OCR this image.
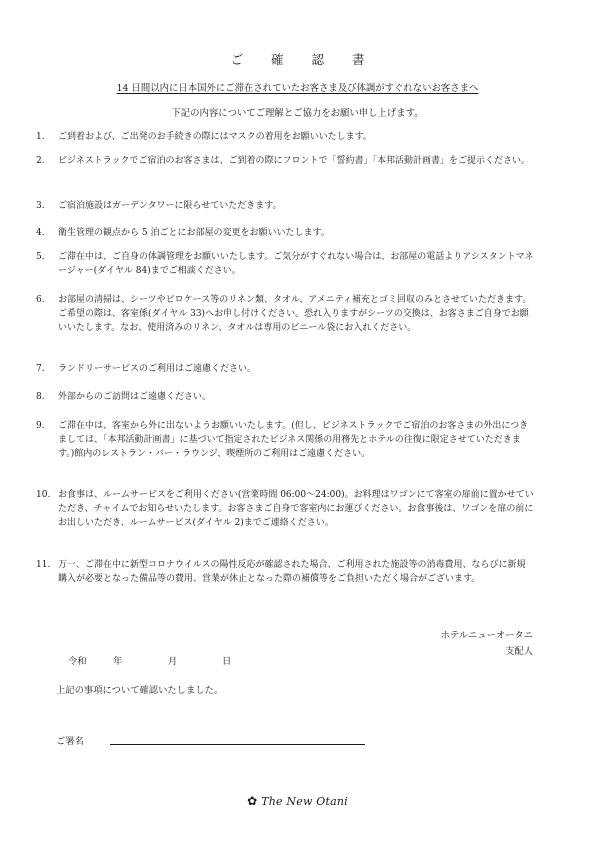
ご 確 認 書
14 日間以内に日本国外にご滞在されていたお客さま及び体調がすぐれないお客さまへ
下記の内容についてご理解とご協力をお願い申し上げます。
1.	ご到着および、ご出発のお手続きの際にはマスクの着用をお願いいたします。
2.	ビジネストラックでご宿泊のお客さまは、ご到着の際にフロントで「誓約書」「本邦活動計画書」をご提示ください。
3.	ご宿泊施設はガーデンタワーに限らせていただきます。
4.	衛生管理の観点から 5 泊ごとにお部屋の変更をお願いいたします。
5.	ご滞在中は、ご自身の体調管理をお願いいたします。ご気分がすぐれない場合は、お部屋の電話よりアシスタントマネージャー(ダイヤル 84)までご相談ください。
6.	お部屋の清掃は、シーツやピロケース等のリネン類、タオル、アメニティ補充とゴミ回収のみとさせていただきます。ご希望の際は、客室係(ダイヤル 33)へお申し付けください。恐れ入りますがシーツの交換は、お客さまご自身でお願いいたします。なお、使用済みのリネン、タオルは専用のビニール袋にお入れください。
7.	ランドリーサービスのご利用はご遠慮ください。
8.	外部からのご訪問はご遠慮ください。
9.	ご滞在中は、客室から外に出ないようお願いいたします。(但し、ビジネストラックでご宿泊のお客さまの外出につきましては、「本邦活動計画書」に基づいて指定されたビジネス関係の用務先とホテルの往復に限定させていただきます。)館内のレストラン・バー・ラウンジ、喫煙所のご利用はご遠慮ください。
10. お食事は、ルームサービスをご利用ください(営業時間 06:00〜24:00)。お料理はワゴンにて客室の扉前に置かせていただき、チャイムでお知らせいたします。お客さまご自身で客室内にお運びください。お食事後は、ワゴンを扉の前にお出しいただき、ルームサービス(ダイヤル 2)までご連絡ください。
11. 万一、ご滞在中に新型コロナウイルスの陽性反応が確認された場合、ご利用された施設等の消毒費用、ならびに新規購入が必要となった備品等の費用、営業が休止となった際の補償等をご負担いただく場合がございます。
ホテルニューオータニ
支配人
令和	年	月	日
上記の事項について確認いたしました。
ご署名
✿ The New Otani
